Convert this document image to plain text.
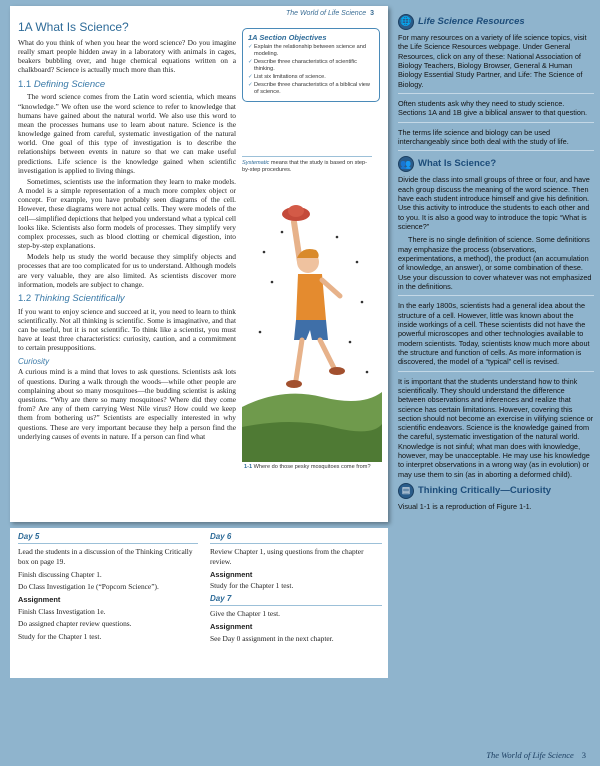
The World of Life Science 3
1A What Is Science?

What do you think of when you hear the word science? Do you imagine really smart people hidden away in a laboratory with animals in cages, beakers bubbling over, and huge chemical equations written on a chalkboard? Science is actually much more than this.

1.1 Defining Science

The word science comes from the Latin word scientia, which means “knowledge.” We often use the word science to refer to knowledge that humans have gained about the natural world. We also use this word to mean the processes humans use to learn about nature. Science is the knowledge gained from careful, systematic investigation of the natural world. One goal of this type of investigation is to describe the relationships between events in nature so that we can make useful predictions. Life science is the knowledge gained when scientific investigation is applied to living things.

Sometimes, scientists use the information they learn to make models. A model is a simple representation of a much more complex object or concept. For example, you have probably seen diagrams of the cell. However, these diagrams were not actual cells. They were models of the cell—simplified depictions that helped you understand what a typical cell looks like. Scientists also form models of processes. They simplify very complex processes, such as blood clotting or chemical digestion, into step-by-step explanations.

Models help us study the world because they simplify objects and processes that are too complicated for us to understand. Although models are very valuable, they are also limited. As scientists discover more information, models are subject to change.

1.2 Thinking Scientifically

If you want to enjoy science and succeed at it, you need to learn to think scientifically. Not all thinking is scientific. Some is imaginative, and that can be useful, but it is not scientific. To think like a scientist, you must have at least three characteristics: curiosity, caution, and a commitment to certain presuppositions.

Curiosity

A curious mind is a mind that loves to ask questions. Scientists ask lots of questions. During a walk through the woods—while other people are complaining about so many mosquitoes—the budding scientist is asking questions. “Why are there so many mosquitoes? Where did they come from? Are any of them carrying West Nile virus? How could we keep them from bothering us?” Scientists are especially interested in why questions. These are very important because they help a person find the underlying causes of events in nature. If a person can find what

1A Section Objectives
✓ Explain the relationship between science and modeling.
✓ Describe three characteristics of scientific thinking.
✓ List six limitations of science.
✓ Describe three characteristics of a biblical view of science.
Systematic means that the study is based on step-by-step procedures.
1-1 Where do those pesky mosquitoes come from?
Day 5

Lead the students in a discussion of the Thinking Critically box on page 19.

Finish discussing Chapter 1.

Do Class Investigation 1e (“Popcorn Science”).

Assignment

Finish Class Investigation 1e.

Do assigned chapter review questions.

Study for the Chapter 1 test.

Day 6

Review Chapter 1, using questions from the chapter review.

Assignment

Study for the Chapter 1 test.

Day 7

Give the Chapter 1 test.

Assignment

See Day 0 assignment in the next chapter.

🌐 Life Science Resources

For many resources on a variety of life science topics, visit the Life Science Resources webpage. Under General Resources, click on any of these: National Association of Biology Teachers, Biology Browser, General & Human Biology Essential Study Partner, and Life: The Science of Biology.

Often students ask why they need to study science. Sections 1A and 1B give a biblical answer to that question.

The terms life science and biology can be used interchangeably since both deal with the study of life.

👥 What Is Science?

Divide the class into small groups of three or four, and have each group discuss the meaning of the word science. Then have each student introduce himself and give his definition. Use this activity to introduce the students to each other and to you. It is also a good way to introduce the topic “What is science?”

There is no single definition of science. Some definitions may emphasize the process (observations, experimentations, a method), the product (an accumulation of knowledge, an answer), or some combination of these. Use your discussion to cover whatever was not emphasized in the definitions.

In the early 1800s, scientists had a general idea about the structure of a cell. However, little was known about the inside workings of a cell. These scientists did not have the powerful microscopes and other technologies available to modern scientists. Today, scientists know much more about the structure and function of cells. As more information is discovered, the model of a “typical” cell is revised.

It is important that the students understand how to think scientifically. They should understand the difference between observations and inferences and realize that science has certain limitations. However, covering this section should not become an exercise in vilifying science or scientific endeavors. Science is the knowledge gained from the careful, systematic investigation of the natural world. Knowledge is not sinful; what man does with knowledge, however, may be unacceptable. He may use his knowledge to interpret observations in a wrong way (as in evolution) or may use them to sin (as in aborting a deformed child).

▤ Thinking Critically—Curiosity

Visual 1-1 is a reproduction of Figure 1-1.

The World of Life Science 3
